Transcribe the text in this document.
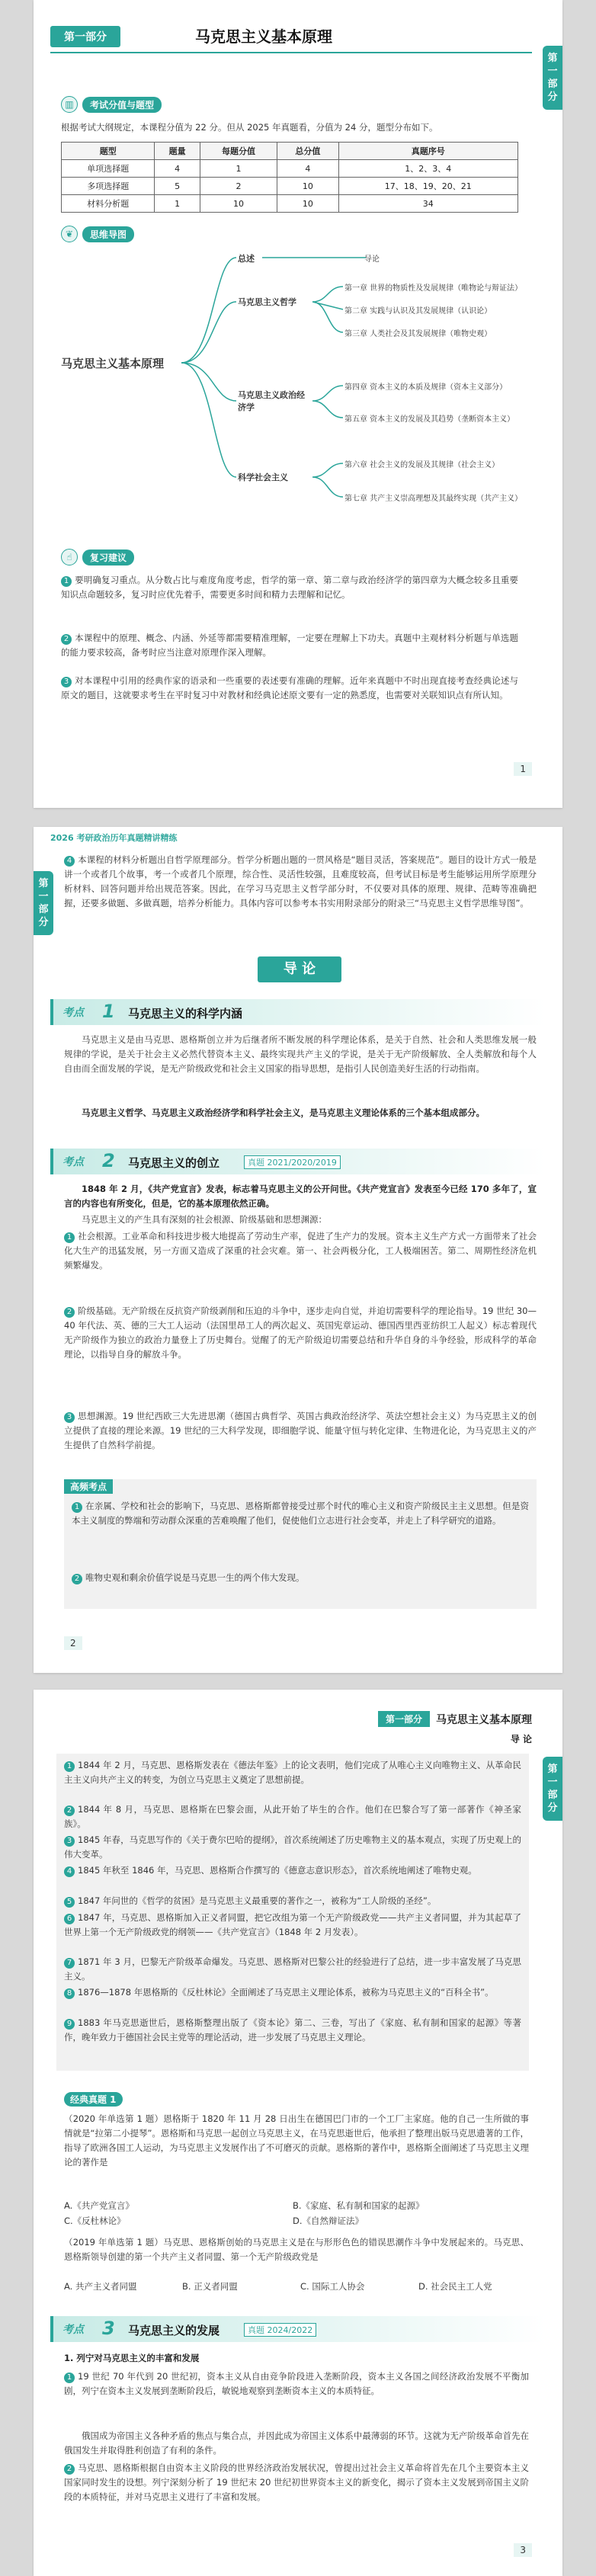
第一部分	马克思主义基本原理
第
一
部
分
▥	考试分值与题型
根据考试大纲规定，本课程分值为 22 分。但从 2025 年真题看，分值为 24 分，题型分布如下。
题型	题量	每题分值	总分值	真题序号
单项选择题	4	1	4	1、2、3、4
多项选择题	5	2	10	17、18、19、20、21
材料分析题	1	10	10	34
❦	思维导图
马克思主义基本原理
总述	导论
马克思主义哲学
第一章 世界的物质性及发展规律（唯物论与辩证法）
第二章 实践与认识及其发展规律（认识论）
第三章 人类社会及其发展规律（唯物史观）
马克思主义政治经济学
第四章 资本主义的本质及规律（资本主义部分）
第五章 资本主义的发展及其趋势（垄断资本主义）
科学社会主义
第六章 社会主义的发展及其规律（社会主义）
第七章 共产主义崇高理想及其最终实现（共产主义）
☝	复习建议
1 要明确复习重点。从分数占比与难度角度考虑，哲学的第一章、第二章与政治经济学的第四章为大概念较多且重要知识点命题较多，复习时应优先着手，需要更多时间和精力去理解和记忆。
2 本课程中的原理、概念、内涵、外延等都需要精准理解，一定要在理解上下功夫。真题中主观材料分析题与单选题的能力要求较高，备考时应当注意对原理作深入理解。
3 对本课程中引用的经典作家的语录和一些重要的表述要有准确的理解。近年来真题中不时出现直接考查经典论述与原文的题目，这就要求考生在平时复习中对教材和经典论述原文要有一定的熟悉度，也需要对关联知识点有所认知。
1
2026 考研政治历年真题精讲精练
第
一
部
分
4 本课程的材料分析题出自哲学原理部分。哲学分析题出题的一贯风格是“题目灵活，答案规范”。题目的设计方式一般是讲一个或者几个故事，考一个或者几个原理，综合性、灵活性较强，且难度较高，但考试目标是考生能够运用所学原理分析材料、回答问题并给出规范答案。因此，在学习马克思主义哲学部分时，不仅要对具体的原理、规律、范畴等准确把握，还要多做题、多做真题，培养分析能力。具体内容可以参考本书实用附录部分的附录三“马克思主义哲学思维导图”。
导 论
考点 1 马克思主义的科学内涵
马克思主义是由马克思、恩格斯创立并为后继者所不断发展的科学理论体系，是关于自然、社会和人类思维发展一般规律的学说，是关于社会主义必然代替资本主义、最终实现共产主义的学说，是关于无产阶级解放、全人类解放和每个人自由而全面发展的学说，是无产阶级政党和社会主义国家的指导思想，是指引人民创造美好生活的行动指南。
马克思主义哲学、马克思主义政治经济学和科学社会主义，是马克思主义理论体系的三个基本组成部分。
考点 2 马克思主义的创立	真题 2021/2020/2019
1848 年 2 月，《共产党宣言》发表，标志着马克思主义的公开问世。《共产党宣言》发表至今已经 170 多年了，宣言的内容也有所变化，但是，它的基本原理依然正确。
马克思主义的产生具有深刻的社会根源、阶级基础和思想渊源：
1 社会根源。工业革命和科技进步极大地提高了劳动生产率，促进了生产力的发展。资本主义生产方式一方面带来了社会化大生产的迅猛发展，另一方面又造成了深重的社会灾难。第一、社会两极分化，工人极端困苦。第二、周期性经济危机频繁爆发。
2 阶级基础。无产阶级在反抗资产阶级剥削和压迫的斗争中，逐步走向自觉，并迫切需要科学的理论指导。19 世纪 30—40 年代法、英、德的三大工人运动（法国里昂工人的两次起义、英国宪章运动、德国西里西亚纺织工人起义）标志着现代无产阶级作为独立的政治力量登上了历史舞台。觉醒了的无产阶级迫切需要总结和升华自身的斗争经验，形成科学的革命理论，以指导自身的解放斗争。
3 思想渊源。19 世纪西欧三大先进思潮（德国古典哲学、英国古典政治经济学、英法空想社会主义）为马克思主义的创立提供了直接的理论来源。19 世纪的三大科学发现，即细胞学说、能量守恒与转化定律、生物进化论，为马克思主义的产生提供了自然科学前提。
高频考点
1 在亲属、学校和社会的影响下，马克思、恩格斯都曾接受过那个时代的唯心主义和资产阶级民主主义思想。但是资本主义制度的弊端和劳动群众深重的苦难唤醒了他们，促使他们立志进行社会变革，并走上了科学研究的道路。
2 唯物史观和剩余价值学说是马克思一生的两个伟大发现。
2
第一部分	马克思主义基本原理
导 论
第
一
部
分
1 1844 年 2 月，马克思、恩格斯发表在《德法年鉴》上的论文表明，他们完成了从唯心主义向唯物主义、从革命民主主义向共产主义的转变，为创立马克思主义奠定了思想前提。
2 1844 年 8 月，马克思、恩格斯在巴黎会面，从此开始了毕生的合作。他们在巴黎合写了第一部著作《神圣家族》。
3 1845 年春，马克思写作的《关于费尔巴哈的提纲》，首次系统阐述了历史唯物主义的基本观点，实现了历史观上的伟大变革。
4 1845 年秋至 1846 年，马克思、恩格斯合作撰写的《德意志意识形态》，首次系统地阐述了唯物史观。
5 1847 年问世的《哲学的贫困》是马克思主义最重要的著作之一，被称为“工人阶级的圣经”。
6 1847 年，马克思、恩格斯加入正义者同盟，把它改组为第一个无产阶级政党——共产主义者同盟，并为其起草了世界上第一个无产阶级政党的纲领——《共产党宣言》（1848 年 2 月发表）。
7 1871 年 3 月，巴黎无产阶级革命爆发。马克思、恩格斯对巴黎公社的经验进行了总结，进一步丰富发展了马克思主义。
8 1876—1878 年恩格斯的《反杜林论》全面阐述了马克思主义理论体系，被称为马克思主义的“百科全书”。
9 1883 年马克思逝世后，恩格斯整理出版了《资本论》第二、三卷，写出了《家庭、私有制和国家的起源》等著作，晚年致力于德国社会民主党等的理论活动，进一步发展了马克思主义理论。
经典真题 1
（2020 年单选第 1 题）恩格斯于 1820 年 11 月 28 日出生在德国巴门市的一个工厂主家庭。他的自己一生所做的事情就是“拉第二小提琴”。恩格斯和马克思一起创立马克思主义，在马克思逝世后，他承担了整理出版马克思遗著的工作，指导了欧洲各国工人运动，为马克思主义发展作出了不可磨灭的贡献。恩格斯的著作中，恩格斯全面阐述了马克思主义理论的著作是
A.《共产党宣言》	B.《家庭、私有制和国家的起源》
C.《反杜林论》	D.《自然辩证法》
（2019 年单选第 1 题）马克思、恩格斯创始的马克思主义是在与形形色色的错误思潮作斗争中发展起来的。马克思、恩格斯领导创建的第一个共产主义者同盟、第一个无产阶级政党是
A. 共产主义者同盟	B. 正义者同盟	C. 国际工人协会	D. 社会民主工人党
考点 3 马克思主义的发展	真题 2024/2022
1. 列宁对马克思主义的丰富和发展
1 19 世纪 70 年代到 20 世纪初，资本主义从自由竞争阶段进入垄断阶段，资本主义各国之间经济政治发展不平衡加剧，列宁在资本主义发展到垄断阶段后，敏锐地观察到垄断资本主义的本质特征。
俄国成为帝国主义各种矛盾的焦点与集合点，并因此成为帝国主义体系中最薄弱的环节。这就为无产阶级革命首先在俄国发生并取得胜利创造了有利的条件。
2 马克思、恩格斯根据自由资本主义阶段的世界经济政治发展状况，曾提出过社会主义革命将首先在几个主要资本主义国家同时发生的设想。列宁深刻分析了 19 世纪末 20 世纪初世界资本主义的新变化，揭示了资本主义发展到帝国主义阶段的本质特征，并对马克思主义进行了丰富和发展。
3
